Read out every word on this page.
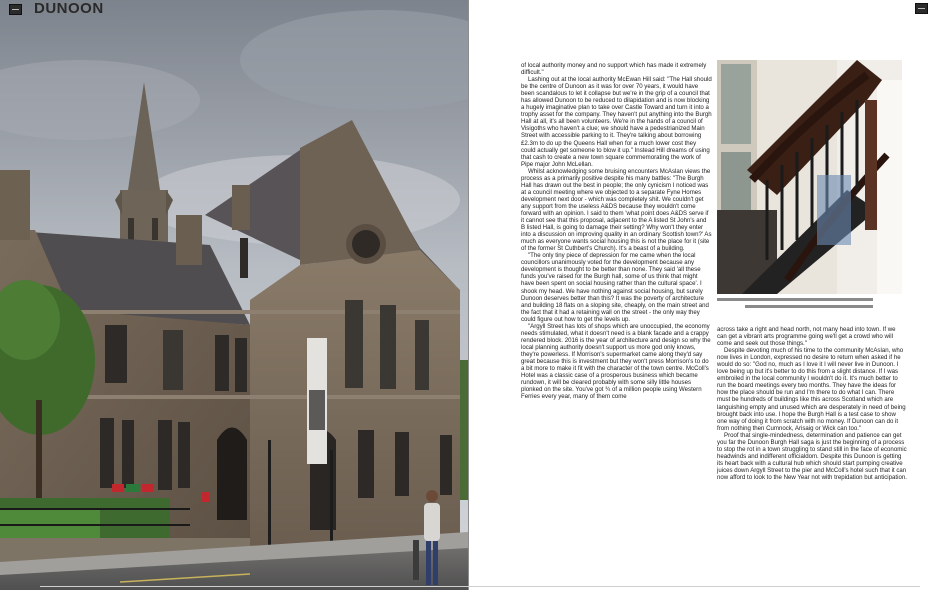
DUNOON

of local authority money and no support which has made it extremely difficult."

Lashing out at the local authority McEwan Hill said: "The Hall should be the centre of Dunoon as it was for over 70 years, it would have been scandalous to let it collapse but we're in the grip of a council that has allowed Dunoon to be reduced to dilapidation and is now blocking a hugely imaginative plan to take over Castle Toward and turn it into a trophy asset for the company. They haven't put anything into the Burgh Hall at all, it's all been volunteers. We're in the hands of a council of Visigoths who haven't a clue; we should have a pedestrianized Main Street with accessible parking to it. They're talking about borrowing £2.3m to do up the Queens Hall when for a much lower cost they could actually get someone to blow it up." Instead Hill dreams of using that cash to create a new town square commemorating the work of Pipe major John McLellan.

Whilst acknowledging some bruising encounters McAslan views the process as a primarily positive despite his many battles: "The Burgh Hall has drawn out the best in people; the only cynicism I noticed was at a council meeting where we objected to a separate Fyne Homes development next door - which was completely shit. We couldn't get any support from the useless A&DS because they wouldn't come forward with an opinion. I said to them 'what point does A&DS serve if it cannot see that this proposal, adjacent to the A listed St John's and B listed Hall, is going to damage their setting? Why won't they enter into a discussion on improving quality in an ordinary Scottish town?' As much as everyone wants social housing this is not the place for it (site of the former St Cuthbert's Church). It's a beast of a building.

"The only tiny piece of depression for me came when the local councillors unanimously voted for the development because any development is thought to be better than none. They said 'all these funds you've raised for the Burgh hall, some of us think that might have been spent on social housing rather than the cultural space'. I shook my head. We have nothing against social housing, but surely Dunoon deserves better than this? It was the poverty of architecture and building 18 flats on a sloping site, cheaply, on the main street and the fact that it had a retaining wall on the street - the only way they could figure out how to get the levels up.

"Argyll Street has lots of shops which are unoccupied, the economy needs stimulated, what it doesn't need is a blank facade and a crappy rendered block. 2016 is the year of architecture and design so why the local planning authority doesn't support us more god only knows, they're powerless. If Morrison's supermarket came along they'd say great because this is investment but they won't press Morrison's to do a bit more to make it fit with the character of the town centre. McColl's Hotel was a classic case of a prosperous business which became rundown, it will be cleared probably with some silly little houses plonked on the site. You've got ¾ of a million people using Western Ferries every year, many of them come

across take a right and head north, not many head into town. If we can get a vibrant arts programme going we'll get a crowd who will come and seek out those things."

Despite devoting much of his time to the community McAslan, who now lives in London, expressed no desire to return when asked if he would do so: "God no, much as I love it I will never live in Dunoon. I love being up but it's better to do this from a slight distance. If I was embroiled in the local community I wouldn't do it. It's much better to run the board meetings every two months. They have the ideas for how the place should be run and I'm there to do what I can. There must be hundreds of buildings like this across Scotland which are languishing empty and unused which are desperately in need of being brought back into use. I hope the Burgh Hall is a test case to show one way of doing it from scratch with no money. If Dunoon can do it from nothing then Cumnock, Arisaig or Wick can too."

Proof that single-mindedness, determination and patience can get you far the Dunoon Burgh Hall saga is just the beginning of a process to stop the rot in a town struggling to stand still in the face of economic headwinds and indifferent officialdom. Despite this Dunoon is getting its heart back with a cultural hub which should start pumping creative juices down Argyll Street to the pier and McColl's hotel such that it can now afford to look to the New Year not with trepidation but anticipation.
